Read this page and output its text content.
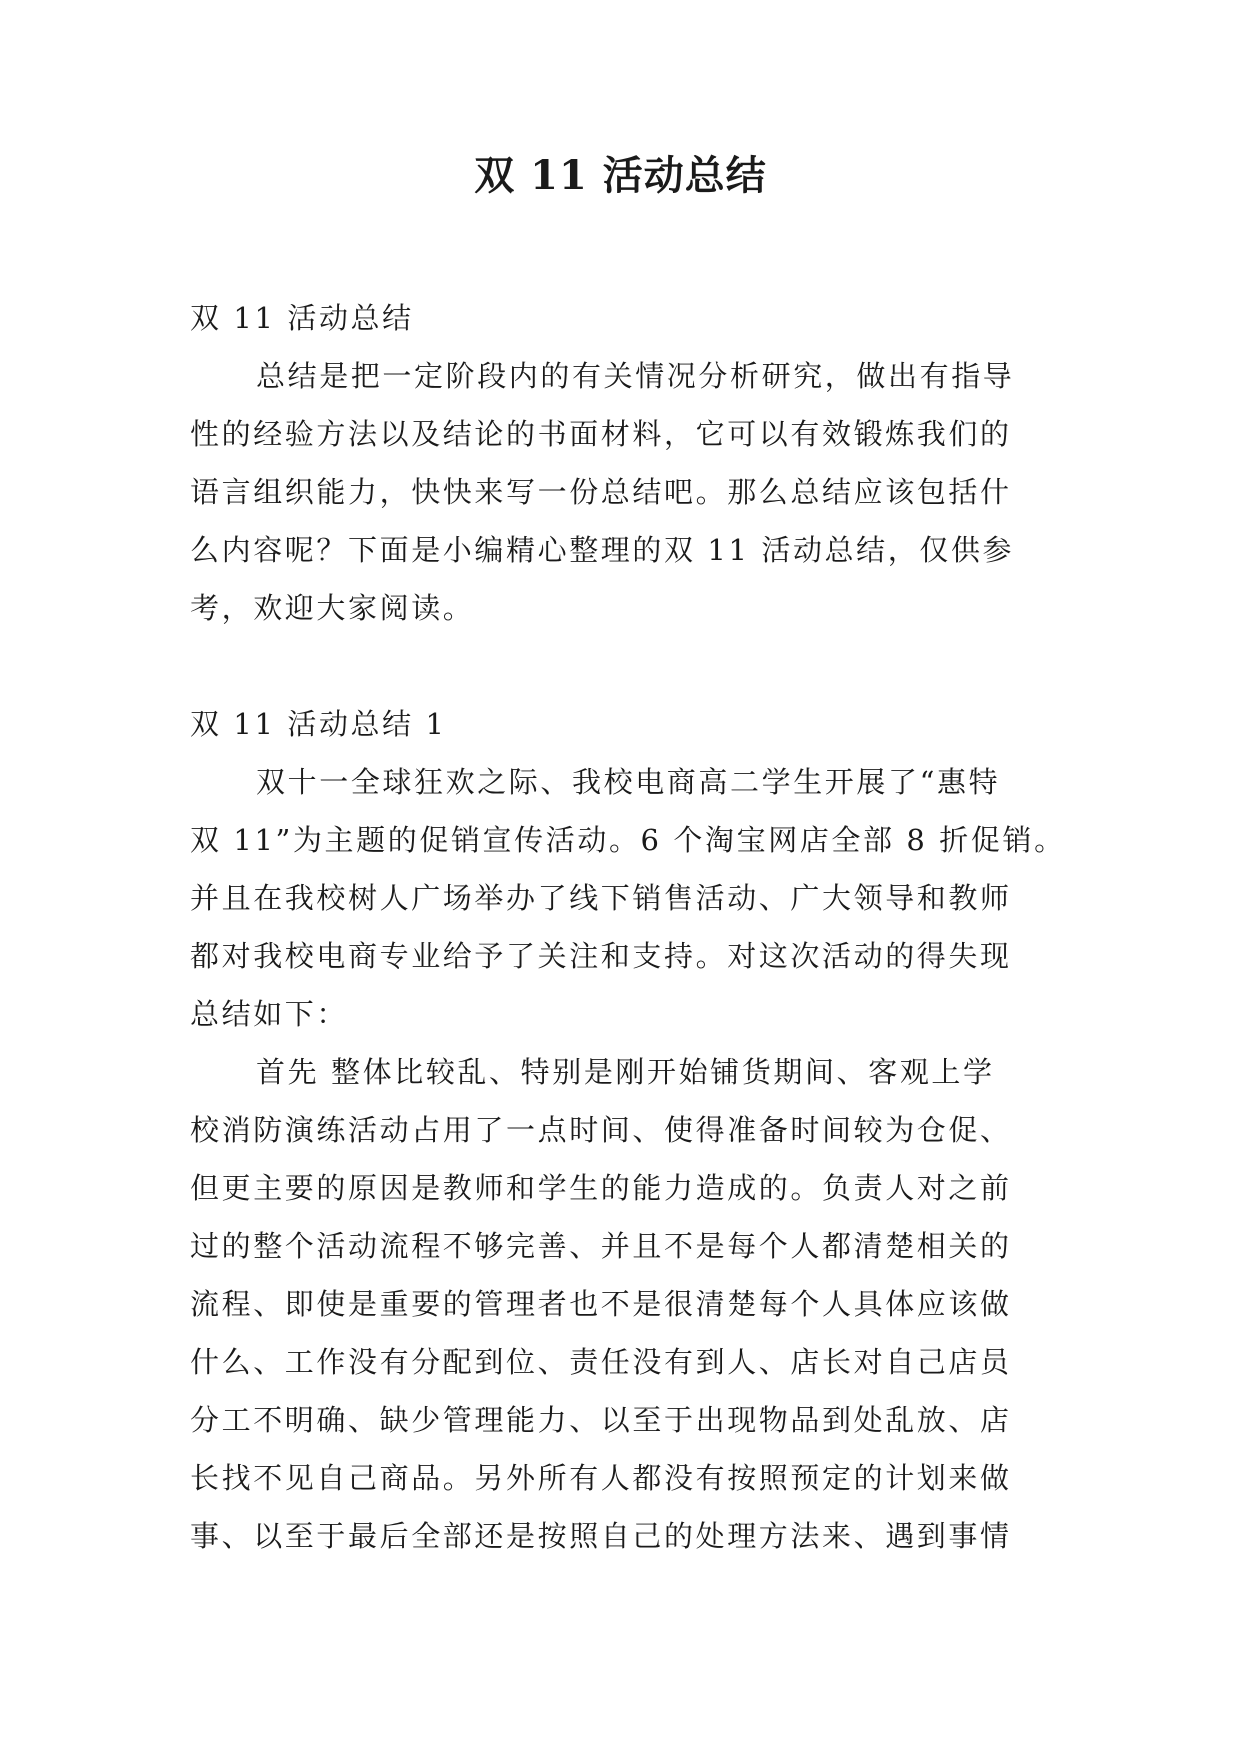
双 11 活动总结
双 11 活动总结
总结是把一定阶段内的有关情况分析研究，做出有指导
性的经验方法以及结论的书面材料，它可以有效锻炼我们的
语言组织能力，快快来写一份总结吧。那么总结应该包括什
么内容呢？下面是小编精心整理的双 11 活动总结，仅供参
考，欢迎大家阅读。
双 11 活动总结 1
双十一全球狂欢之际、我校电商高二学生开展了“惠特
双 11”为主题的促销宣传活动。6 个淘宝网店全部 8 折促销。
并且在我校树人广场举办了线下销售活动、广大领导和教师
都对我校电商专业给予了关注和支持。对这次活动的得失现
总结如下：
首先 整体比较乱、特别是刚开始铺货期间、客观上学
校消防演练活动占用了一点时间、使得准备时间较为仓促、
但更主要的原因是教师和学生的能力造成的。负责人对之前
过的整个活动流程不够完善、并且不是每个人都清楚相关的
流程、即使是重要的管理者也不是很清楚每个人具体应该做
什么、工作没有分配到位、责任没有到人、店长对自己店员
分工不明确、缺少管理能力、以至于出现物品到处乱放、店
长找不见自己商品。另外所有人都没有按照预定的计划来做
事、以至于最后全部还是按照自己的处理方法来、遇到事情
